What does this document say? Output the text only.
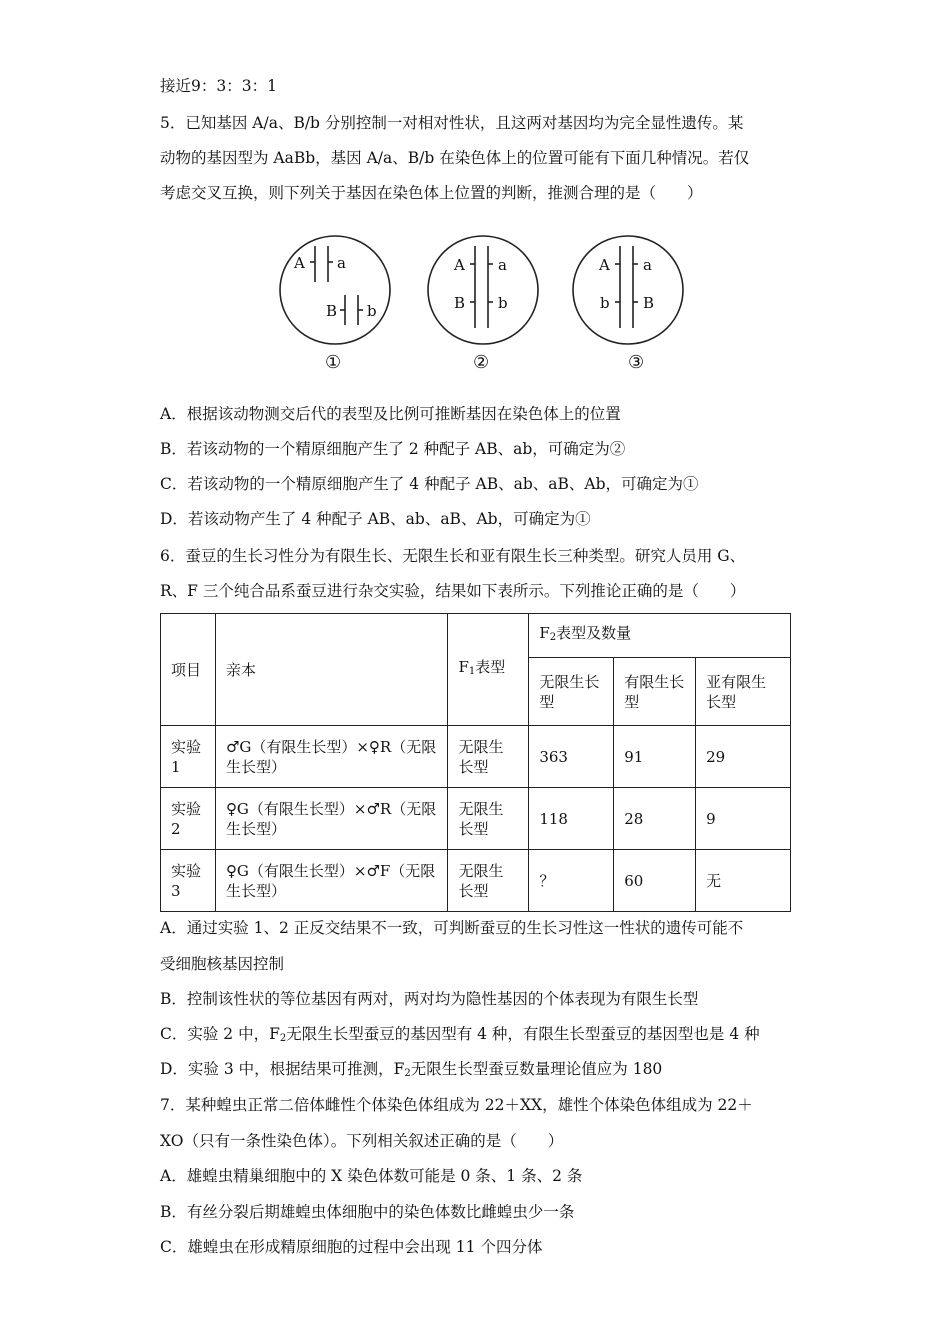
接近9：3：3：1
5．已知基因 A/a、B/b 分别控制一对相对性状，且这两对基因均为完全显性遗传。某
动物的基因型为 AaBb，基因 A/a、B/b 在染色体上的位置可能有下面几种情况。若仅
考虑交叉互换，则下列关于基因在染色体上位置的判断，推测合理的是（　　）
A a
B b
A a
B b
A a
b B
①	②	③
A．根据该动物测交后代的表型及比例可推断基因在染色体上的位置
B．若该动物的一个精原细胞产生了 2 种配子 AB、ab，可确定为②
C．若该动物的一个精原细胞产生了 4 种配子 AB、ab、aB、Ab，可确定为①
D．若该动物产生了 4 种配子 AB、ab、aB、Ab，可确定为①
6．蚕豆的生长习性分为有限生长、无限生长和亚有限生长三种类型。研究人员用 G、
R、F 三个纯合品系蚕豆进行杂交实验，结果如下表所示。下列推论正确的是（　　）
项目	亲本	$F_1$表型	$F_2$表型及数量		
			无限生长型	有限生长型	亚有限生长型
实验1	♂G（有限生长型）×♀R（无限生长型）	无限生长型	363	91	29
实验2	♀G（有限生长型）×♂R（无限生长型）	无限生长型	118	28	9
实验3	♀G（有限生长型）×♂F（无限生长型）	无限生长型	？	60	无
A．通过实验 1、2 正反交结果不一致，可判断蚕豆的生长习性这一性状的遗传可能不
受细胞核基因控制
B．控制该性状的等位基因有两对，两对均为隐性基因的个体表现为有限生长型
C．实验 2 中，$F_2$无限生长型蚕豆的基因型有 4 种，有限生长型蚕豆的基因型也是 4 种
D．实验 3 中，根据结果可推测，$F_2$无限生长型蚕豆数量理论值应为 180
7．某种蝗虫正常二倍体雌性个体染色体组成为 22＋XX，雄性个体染色体组成为 22＋
XO（只有一条性染色体）。下列相关叙述正确的是（　　）
A．雄蝗虫精巢细胞中的 X 染色体数可能是 0 条、1 条、2 条
B．有丝分裂后期雄蝗虫体细胞中的染色体数比雌蝗虫少一条
C．雄蝗虫在形成精原细胞的过程中会出现 11 个四分体
